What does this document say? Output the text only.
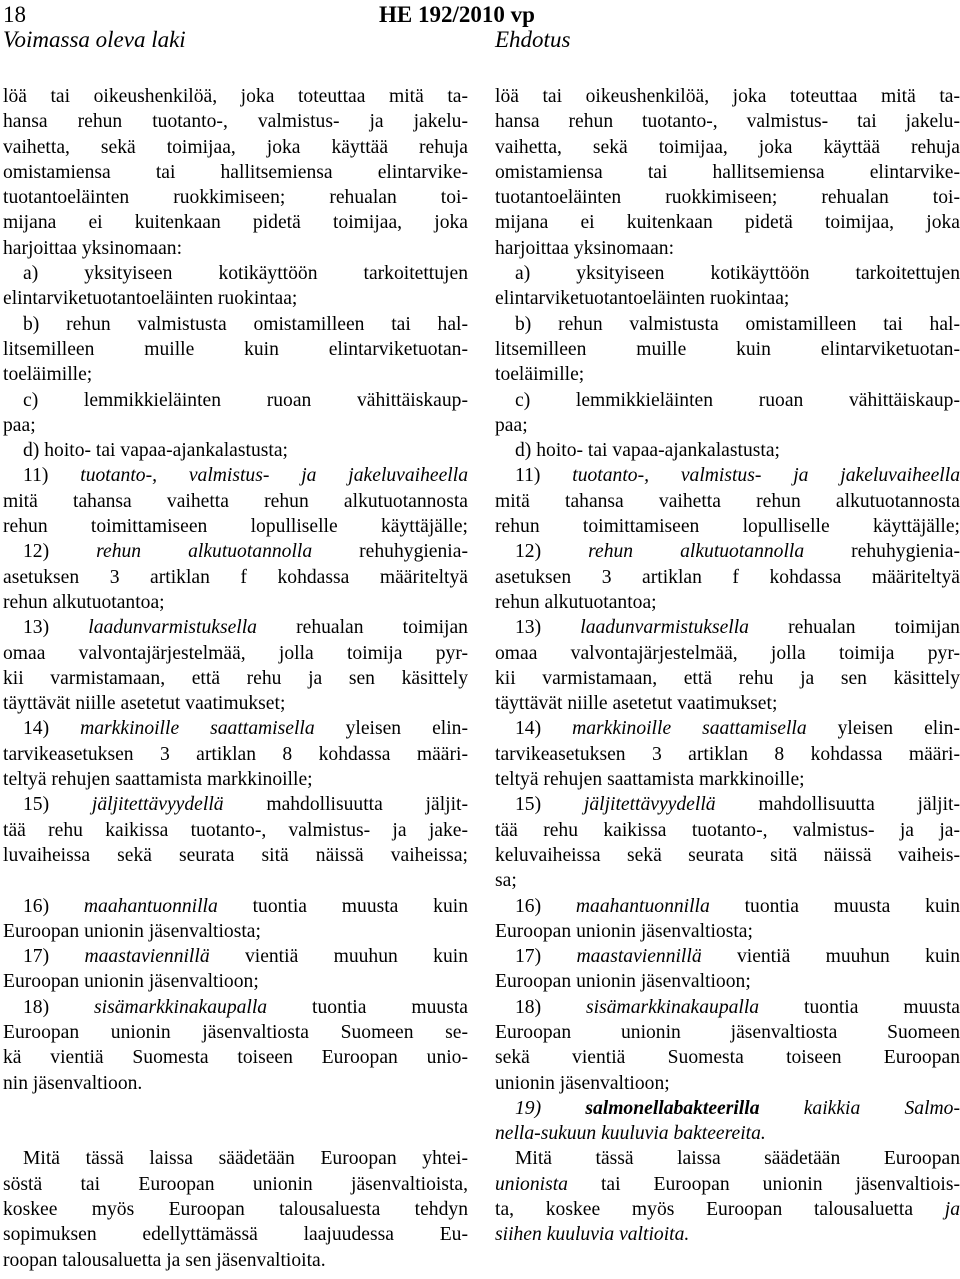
18	HE 192/2010 vp
Voimassa oleva laki	Ehdotus
löä tai oikeushenkilöä, joka toteuttaa mitä ta-
hansa rehun tuotanto-, valmistus- ja jakelu-
vaihetta, sekä toimijaa, joka käyttää rehuja
omistamiensa tai hallitsemiensa elintarvike-
tuotantoeläinten ruokkimiseen; rehualan toi-
mijana ei kuitenkaan pidetä toimijaa, joka
harjoittaa yksinomaan:
a) yksityiseen kotikäyttöön tarkoitettujen
elintarviketuotantoeläinten ruokintaa;
b) rehun valmistusta omistamilleen tai hal-
litsemilleen muille kuin elintarviketuotan-
toeläimille;
c) lemmikkieläinten ruoan vähittäiskaup-
paa;
d) hoito- tai vapaa-ajankalastusta;
11) tuotanto-, valmistus- ja jakeluvaiheella
mitä tahansa vaihetta rehun alkutuotannosta
rehun toimittamiseen lopulliselle käyttäjälle;
12) rehun alkutuotannolla rehuhygienia-
asetuksen 3 artiklan f kohdassa määriteltyä
rehun alkutuotantoa;
13) laadunvarmistuksella rehualan toimijan
omaa valvontajärjestelmää, jolla toimija pyr-
kii varmistamaan, että rehu ja sen käsittely
täyttävät niille asetetut vaatimukset;
14) markkinoille saattamisella yleisen elin-
tarvikeasetuksen 3 artiklan 8 kohdassa määri-
teltyä rehujen saattamista markkinoille;
15) jäljitettävyydellä mahdollisuutta jäljit-
tää rehu kaikissa tuotanto-, valmistus- ja jake-
luvaiheissa sekä seurata sitä näissä vaiheissa;
16) maahantuonnilla tuontia muusta kuin
Euroopan unionin jäsenvaltiosta;
17) maastaviennillä vientiä muuhun kuin
Euroopan unionin jäsenvaltioon;
18) sisämarkkinakaupalla tuontia muusta
Euroopan unionin jäsenvaltiosta Suomeen se-
kä vientiä Suomesta toiseen Euroopan unio-
nin jäsenvaltioon.
Mitä tässä laissa säädetään Euroopan yhtei-
söstä tai Euroopan unionin jäsenvaltioista,
koskee myös Euroopan talousaluesta tehdyn
sopimuksen edellyttämässä laajuudessa Eu-
roopan talousaluetta ja sen jäsenvaltioita.
löä tai oikeushenkilöä, joka toteuttaa mitä ta-
hansa rehun tuotanto-, valmistus- tai jakelu-
vaihetta, sekä toimijaa, joka käyttää rehuja
omistamiensa tai hallitsemiensa elintarvike-
tuotantoeläinten ruokkimiseen; rehualan toi-
mijana ei kuitenkaan pidetä toimijaa, joka
harjoittaa yksinomaan:
a) yksityiseen kotikäyttöön tarkoitettujen
elintarviketuotantoeläinten ruokintaa;
b) rehun valmistusta omistamilleen tai hal-
litsemilleen muille kuin elintarviketuotan-
toeläimille;
c) lemmikkieläinten ruoan vähittäiskaup-
paa;
d) hoito- tai vapaa-ajankalastusta;
11) tuotanto-, valmistus- ja jakeluvaiheella
mitä tahansa vaihetta rehun alkutuotannosta
rehun toimittamiseen lopulliselle käyttäjälle;
12) rehun alkutuotannolla rehuhygienia-
asetuksen 3 artiklan f kohdassa määriteltyä
rehun alkutuotantoa;
13) laadunvarmistuksella rehualan toimijan
omaa valvontajärjestelmää, jolla toimija pyr-
kii varmistamaan, että rehu ja sen käsittely
täyttävät niille asetetut vaatimukset;
14) markkinoille saattamisella yleisen elin-
tarvikeasetuksen 3 artiklan 8 kohdassa määri-
teltyä rehujen saattamista markkinoille;
15) jäljitettävyydellä mahdollisuutta jäljit-
tää rehu kaikissa tuotanto-, valmistus- ja ja-
keluvaiheissa sekä seurata sitä näissä vaiheis-
sa;
16) maahantuonnilla tuontia muusta kuin
Euroopan unionin jäsenvaltiosta;
17) maastaviennillä vientiä muuhun kuin
Euroopan unionin jäsenvaltioon;
18) sisämarkkinakaupalla tuontia muusta
Euroopan unionin jäsenvaltiosta Suomeen
sekä vientiä Suomesta toiseen Euroopan
unionin jäsenvaltioon;
19) salmonellabakteerilla kaikkia Salmo-
nella-sukuun kuuluvia bakteereita.
Mitä tässä laissa säädetään Euroopan
unionista tai Euroopan unionin jäsenvaltiois-
ta, koskee myös Euroopan talousaluetta ja
siihen kuuluvia valtioita.
